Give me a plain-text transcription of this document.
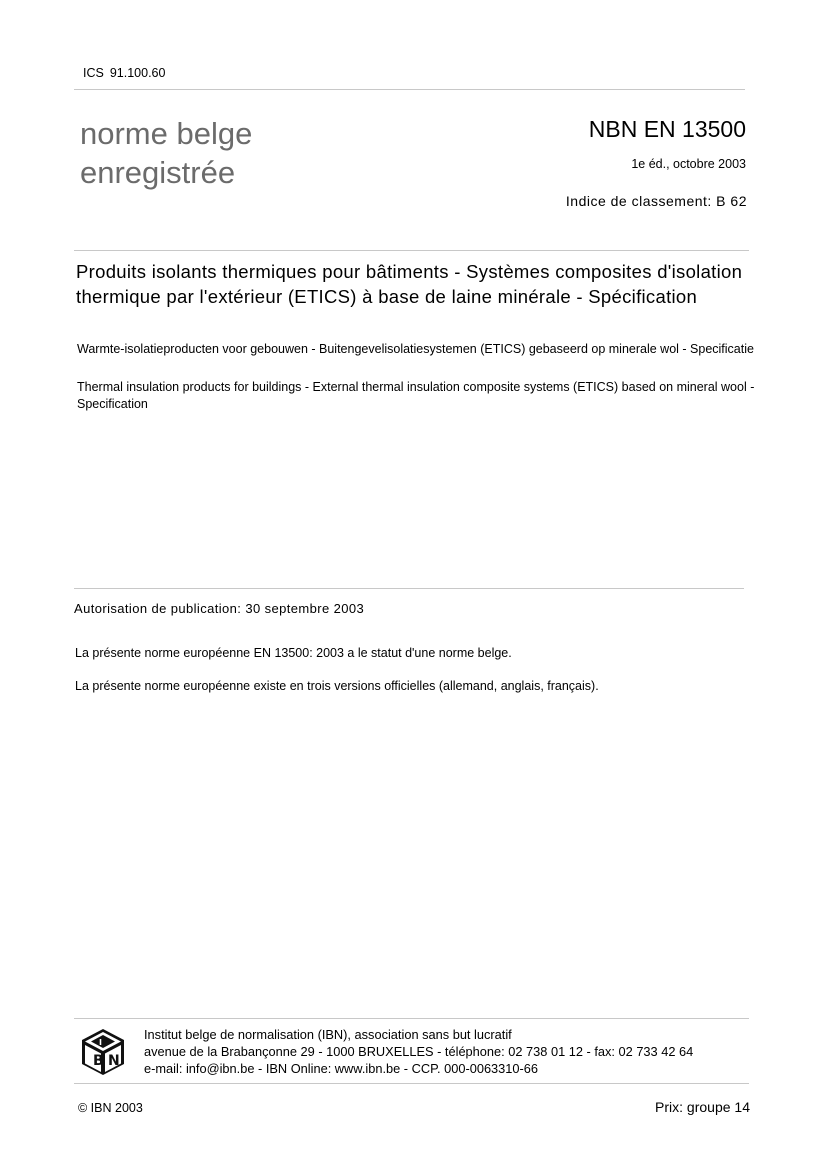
ICS 91.100.60
norme belge
enregistrée
NBN EN 13500
1e éd., octobre 2003
Indice de classement: B 62
Produits isolants thermiques pour bâtiments - Systèmes composites d'isolation thermique par l'extérieur (ETICS) à base de laine minérale - Spécification
Warmte-isolatieproducten voor gebouwen - Buitengevelisolatiesystemen (ETICS) gebaseerd op minerale wol - Specificatie
Thermal insulation products for buildings - External thermal insulation composite systems (ETICS) based on mineral wool - Specification
Autorisation de publication: 30 septembre 2003
La présente norme européenne EN 13500: 2003 a le statut d'une norme belge.
La présente norme européenne existe en trois versions officielles (allemand, anglais, français).
B N
I
Institut belge de normalisation (IBN), association sans but lucratif
avenue de la Brabançonne 29 - 1000 BRUXELLES - téléphone: 02 738 01 12 - fax: 02 733 42 64
e-mail: info@ibn.be - IBN Online: www.ibn.be - CCP. 000-0063310-66
© IBN 2003	Prix: groupe 14
